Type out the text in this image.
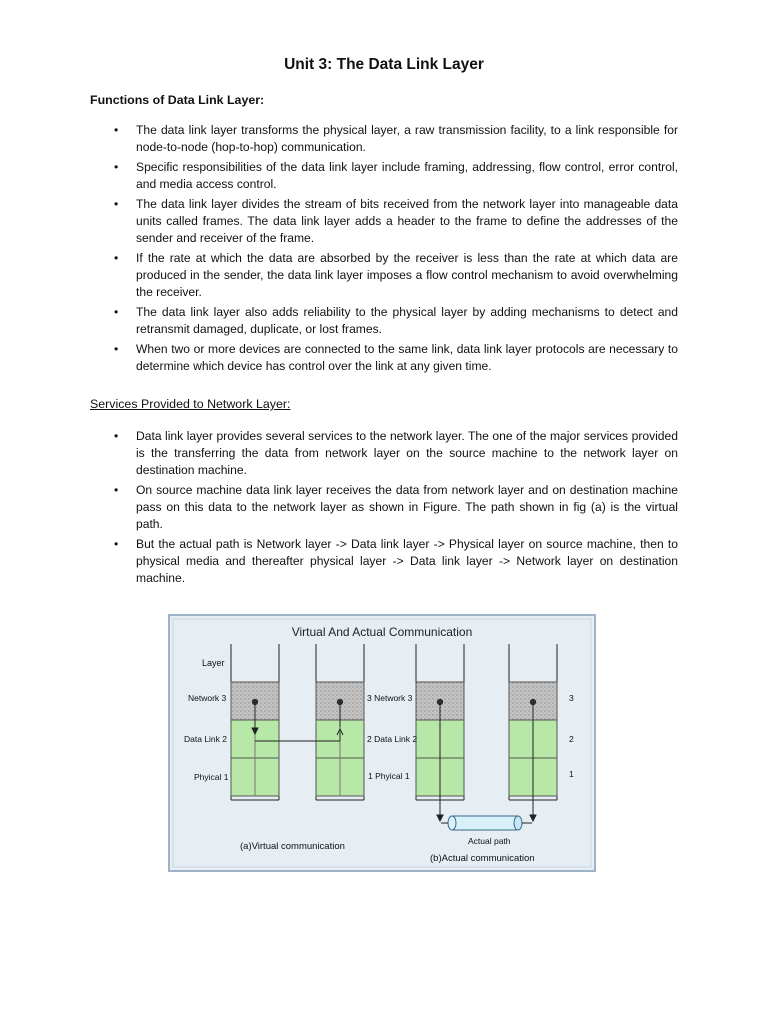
Unit 3: The Data Link Layer
Functions of Data Link Layer:
• The data link layer transforms the physical layer, a raw transmission facility, to a link responsible for node-to-node (hop-to-hop) communication.
• Specific responsibilities of the data link layer include framing, addressing, flow control, error control, and media access control.
• The data link layer divides the stream of bits received from the network layer into manageable data units called frames. The data link layer adds a header to the frame to define the addresses of the sender and receiver of the frame.
• If the rate at which the data are absorbed by the receiver is less than the rate at which data are produced in the sender, the data link layer imposes a flow control mechanism to avoid overwhelming the receiver.
• The data link layer also adds reliability to the physical layer by adding mechanisms to detect and retransmit damaged, duplicate, or lost frames.
• When two or more devices are connected to the same link, data link layer protocols are necessary to determine which device has control over the link at any given time.
Services Provided to Network Layer:
• Data link layer provides several services to the network layer. The one of the major services provided is the transferring the data from network layer on the source machine to the network layer on destination machine.
• On source machine data link layer receives the data from network layer and on destination machine pass on this data to the network layer as shown in Figure. The path shown in fig (a) is the virtual path.
• But the actual path is Network layer -> Data link layer -> Physical layer on source machine, then to physical media and thereafter physical layer -> Data link layer -> Network layer on destination machine.
Virtual And Actual Communication
Layer
Network 3
Data Link 2
Phyical 1
3 Network 3
2 Data Link 2
1 Phyical 1
3
2
1
Actual path
(a)Virtual communication
(b)Actual communication
